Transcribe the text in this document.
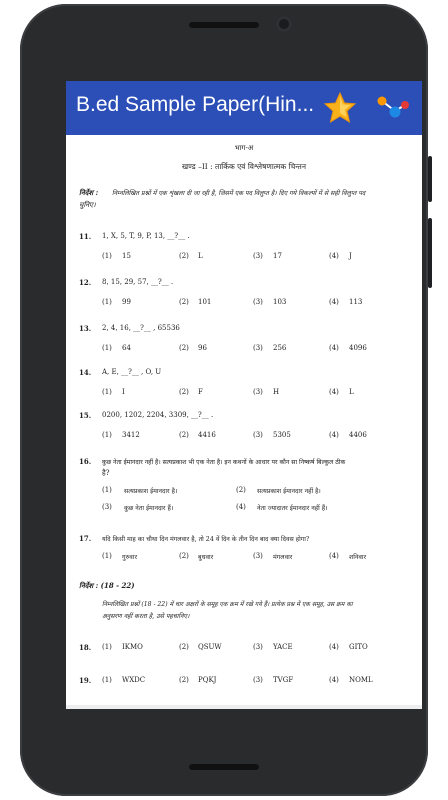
B.ed Sample Paper(Hin...
भाग-अ
खण्ड –II : तार्किक एवं विश्लेषणात्मक चिन्तन
निर्देश : निम्नलिखित प्रश्नों में एक शृंखला दी जा रही है, जिसमें एक पद विलुप्त है। दिए गये विकल्पों में से सही विलुप्त पद
चुनिए।
11. 1, X, 5, T, 9, P, 13, __?__ .
(1) 15	(2) L	(3) 17	(4) J
12. 8, 15, 29, 57, __?__ .
(1) 99	(2) 101	(3) 103	(4) 113
13. 2, 4, 16, __?__ , 65536
(1) 64	(2) 96	(3) 256	(4) 4096
14. A, E, __?__ , O, U
(1) I	(2) F	(3) H	(4) L
15. 0200, 1202, 2204, 3309, __?__ .
(1) 3412	(2) 4416	(3) 5305	(4) 4406
16. कुछ नेता ईमानदार नहीं है। सत्यप्रकाश भी एक नेता है। इन कथनों के आधार पर कौन सा निष्कर्ष बिल्कुल ठीक
है?
(1) सत्यप्रकाश ईमानदार है।	(2) सत्यप्रकाश ईमानदार नहीं है।
(3) कुछ नेता ईमानदार हैं।	(4) नेता ज्यादातर ईमानदार नहीं हैं।
17. यदि किसी माह का चौथा दिन मंगलवार है, तो 24 वें दिन के तीन दिन बाद क्या दिवस होगा?
(1) गुरुवार	(2) बुधवार	(3) मंगलवार	(4) शनिवार
निर्देश : (18 - 22)
निम्नलिखित प्रश्नों (18 - 22) में चार अक्षरों के समूह एक क्रम में रखे गये हैं। प्रत्येक प्रश्न में एक समूह, उस क्रम का
अनुसरण नहीं करता है, उसे पहचानिए।
18. (1) IKMO	(2) QSUW	(3) YACE	(4) GITO
19. (1) WXDC	(2) PQKJ	(3) TVGF	(4) NOML
